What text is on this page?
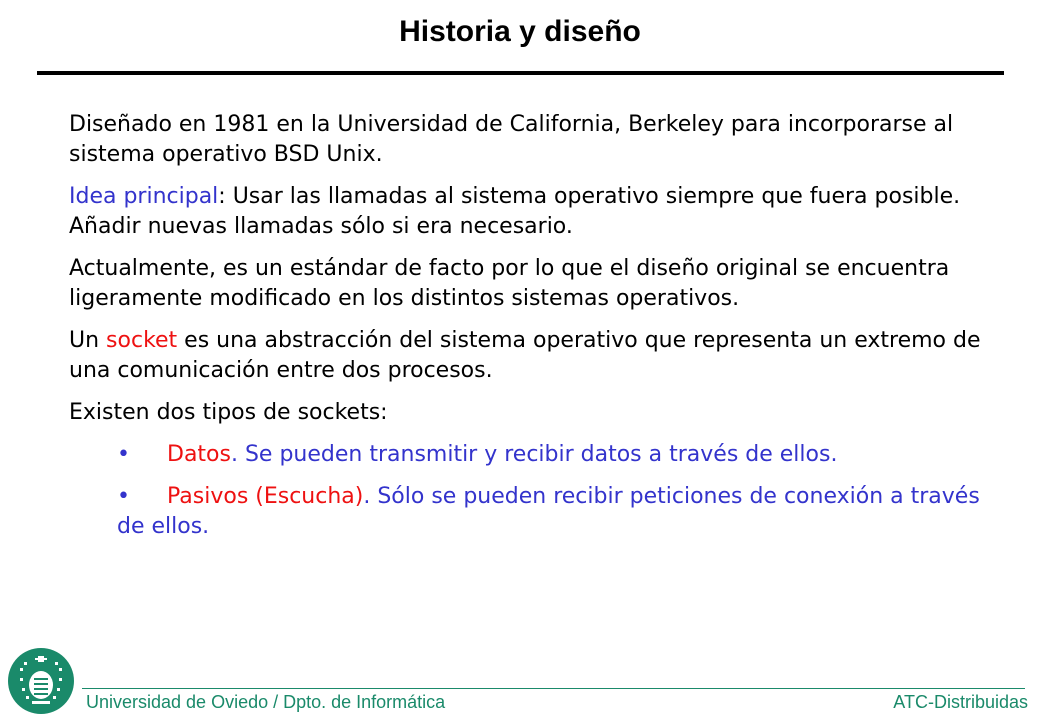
Historia y diseño

Diseñado en 1981 en la Universidad de California, Berkeley para incorporarse al sistema operativo BSD Unix.

Idea principal: Usar las llamadas al sistema operativo siempre que fuera posible. Añadir nuevas llamadas sólo si era necesario.

Actualmente, es un estándar de facto por lo que el diseño original se encuentra ligeramente modificado en los distintos sistemas operativos.

Un socket es una abstracción del sistema operativo que representa un extremo de una comunicación entre dos procesos.

Existen dos tipos de sockets:

• Datos. Se pueden transmitir y recibir datos a través de ellos.

• Pasivos (Escucha). Sólo se pueden recibir peticiones de conexión a través de ellos.

Universidad de Oviedo / Dpto. de Informática	ATC-Distribuidas
